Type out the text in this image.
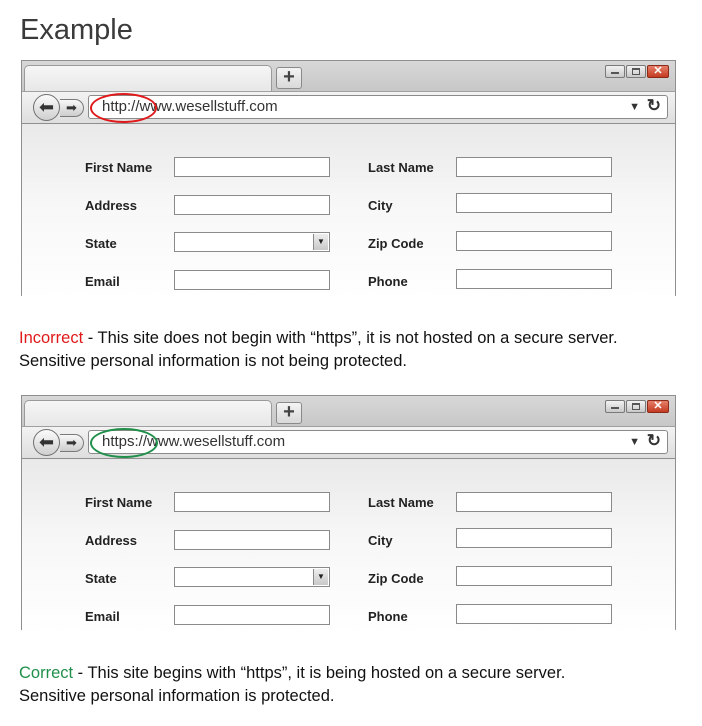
Example
+	✕
⬅ ➡	http://www.wesellstuff.com	▼ ↻
First Name	Last Name
Address	City
State	▼	Zip Code
Email	Phone
Incorrect - This site does not begin with “https”, it is not hosted on a secure server.
Sensitive personal information is not being protected.
+	✕
⬅ ➡	https://www.wesellstuff.com	▼ ↻
First Name	Last Name
Address	City
State	▼	Zip Code
Email	Phone
Correct - This site begins with “https”, it is being hosted on a secure server.
Sensitive personal information is protected.
